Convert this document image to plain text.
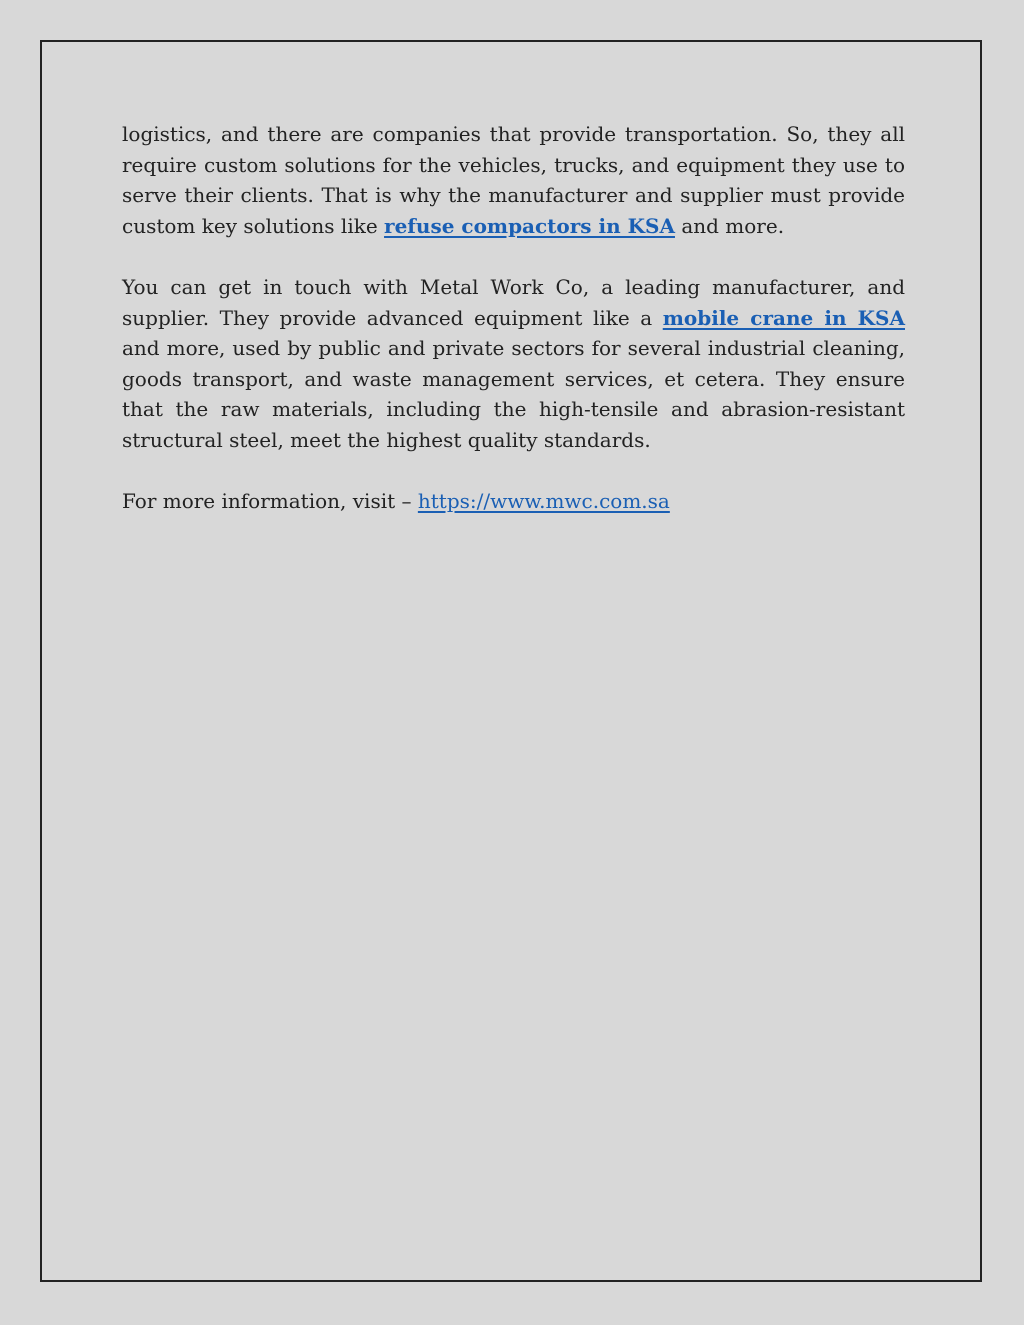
logistics, and there are companies that provide transportation. So, they all require custom solutions for the vehicles, trucks, and equipment they use to serve their clients. That is why the manufacturer and supplier must provide custom key solutions like refuse compactors in KSA and more.

You can get in touch with Metal Work Co, a leading manufacturer, and supplier. They provide advanced equipment like a mobile crane in KSA and more, used by public and private sectors for several industrial cleaning, goods transport, and waste management services, et cetera. They ensure that the raw materials, including the high-tensile and abrasion-resistant structural steel, meet the highest quality standards.

For more information, visit – https://www.mwc.com.sa
